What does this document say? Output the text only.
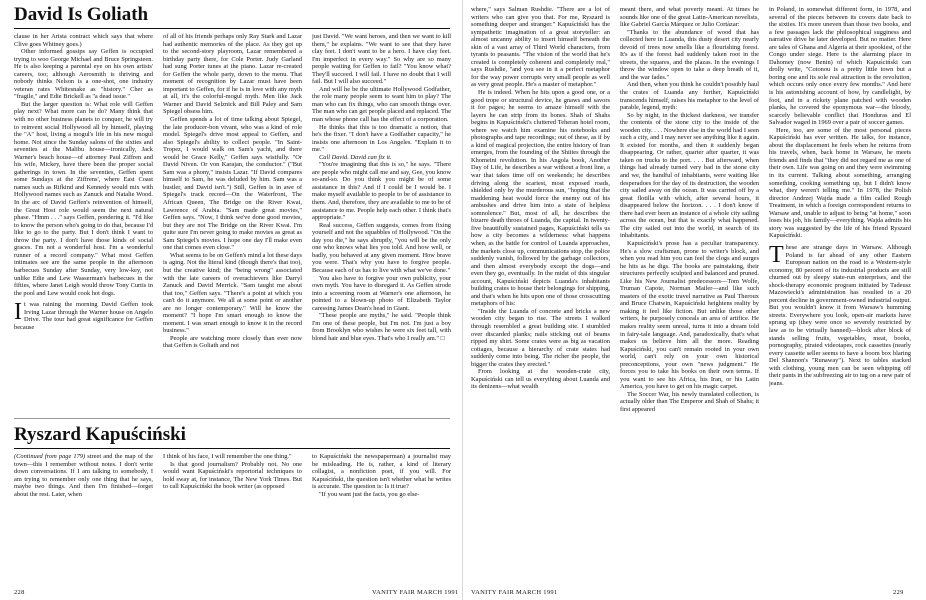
David Is Goliath

clause in her Arista contract which says that where Clive goes Whitney goes.)

Other informed gossips say Geffen is occupied trying to woo George Michael and Bruce Springsteen. He is also keeping a parental eye on his own artists' careers, too; although Aerosmith is thriving and nobody thinks Nelson is a one-shot, one industry veteran rates Whitesnake as "history." Cher as "fragile," and Edie Brickell as "a dead issue."

But the larger question is: What role will Geffen play next? What more can he do? Many think that with no other business planets to conquer, he will try to reinvent social Hollywood all by himself, playing the "A" host, living a mogul's life in his new mogul home. Not since the Sunday salons of the sixties and seventies at the Malibu house—ironically, Jack Warner's beach house—of attorney Paul Ziffren and his wife, Mickey, have there been the proper social gatherings in town. In the seventies, Geffen spent some Sundays at the Ziffrens', where East Coast names such as Rifkind and Kennedy would mix with Hollywood names such as Zanuck and Natalie Wood. In the arc of David Geffen's reinvention of himself, the Great Host role would seem the next natural phase. "Hmm . . ." says Geffen, pondering it. "I'd like to know the person who's going to do that, because I'd like to go to the party. But I don't think I want to throw the party. I don't have those kinds of social graces. I'm not a wonderful host. I'm a wonderful runner of a record company." What most Geffen intimates see are the same people in the afternoon barbecues Sunday after Sunday, very low-key, not unlike Edie and Lew Wasserman's barbecues in the fifties, where Janet Leigh would throw Tony Curtis in the pool and Lew would cook hot dogs.

It was raining the morning David Geffen took Irving Lazar through the Warner house on Angelo Drive. The tour had great significance for Geffen because

of all of his friends perhaps only Ray Stark and Lazar had authentic memories of the place. As they got up to the second-story playroom, Lazar remembered a birthday party there, for Cole Porter. Judy Garland had sung Porter tunes at the piano. Lazar re-created for Geffen the whole party, down to the menu. That moment of recognition by Lazar must have been important to Geffen, for if he is in love with any myth at all, it's the colorful-mogul myth. Men like Jack Warner and David Selznick and Bill Paley and Sam Spiegel obsess him.

Geffen spends a lot of time talking about Spiegel, the late producer-bon vivant, who was a kind of role model. Spiegel's drive most appeal to Geffen, and also Spiegel's ability to collect people. "In Saint-Tropez, I would walk on Sam's yacht, and there would be Grace Kelly," Geffen says wistfully. "Or David Niven. Or von Karajan, the conductor." ("But Sam was a phony," insists Lazar. "If David compares himself to Sam, he was deluded by him. Sam was a hustler, and David isn't.") Still, Geffen is in awe of Spiegel's track record—On the Waterfront, The African Queen, The Bridge on the River Kwai, Lawrence of Arabia. "Sam made great movies," Geffen says. "Now, I think we've done good movies, but they are not The Bridge on the River Kwai. I'm quite sure I'm never going to make movies as great as Sam Spiegel's movies. I hope one day I'll make even one that comes even close."

What seems to be on Geffen's mind a lot these days is aging. Not the literal kind (though there's that too), but the creative kind; the "being wrong" associated with the late careers of overachievers like Darryl Zanuck and David Merrick. "Sam taught me about that too," Geffen says. "There's a point at which you can't do it anymore. We all at some point or another are no longer contemporary." Will he know the moment? "I hope I'm smart enough to know the moment. I was smart enough to know it in the record business."

People are watching more closely than ever now that Geffen is Goliath and not

just David. "We want heroes, and then we want to kill them," he explains. "We want to see that they have clay feet. I don't want to be a hero. I have clay feet. I'm imperfect in every way." So why are so many people waiting for Geffen to fail? "You know what? They'll succeed. I will fail. I have no doubt that I will fail. But I will also succeed."

And will he be the ultimate Hollywood Godfather, the role many people seem to want him to play? The man who can fix things, who can smooth things over. The man who can get people placed and replaced. The man whose phone call has the effect of a corporation.

He thinks that this is too dramatic a notion, that he's the fixer. "I don't have a Godfather capacity," he insists one afternoon in Los Angeles. "Explain it to me."

Call David. David can fix it.

"You're imagining that this is so," he says. "There are people who might call me and say, Gee, you know so-and-so. Do you think you might be of some assistance in this? And if I could be I would be. I make myself available to people to be of assistance to them. And, therefore, they are available to me to be of assistance to me. People help each other. I think that's appropriate."

Real success, Geffen suggests, comes from fixing yourself and not the squabbles of Hollywood. "On the day you die," he says abruptly, "you will be the only one who knows what lies you told. And how well, or badly, you behaved at any given moment. How brave you were. That's why you have to forgive people. Because each of us has to live with what we've done."

You also have to forgive your own publicity, your own myth. You have to disregard it. As Geffen strode into a screening room at Warner's one afternoon, he pointed to a blown-up photo of Elizabeth Taylor caressing James Dean's head in Giant.

"These people are myths," he said. "People think I'm one of these people, but I'm not. I'm just a boy from Brooklyn who wishes he were six feet tall, with blond hair and blue eyes. That's who I really am." □

Ryszard Kapuściński

(Continued from page 179) street and the map of the town—this I remember without notes. I don't write down conversations. If I am talking to somebody, I am trying to remember only one thing that he says, maybe two things. And then I'm finished—forget about the rest. Later, when

I think of his face, I will remember the one thing."

Is that good journalism? Probably not. No one would want Kapuściński's reportorial techniques to hold sway at, for instance, The New York Times. But to call Kapuściński the book writer (as opposed

to Kapuściński the newspaperman) a journalist may be misleading. He is, rather, a kind of literary collagist, a nonfiction poet, if you will. For Kapuściński, the question isn't whether what he writes is accurate. The question is: Is it true?

"If you want just the facts, you go else-

228	VANITY FAIR MARCH 1991

where," says Salman Rushdie. "There are a lot of writers who can give you that. For me, Ryszard is something deeper and stranger." Kapuściński has the sympathetic imagination of a great storyteller: an almost uncanny ability to insert himself beneath the skin of a vast array of Third World characters, from tyrants to peasants. "The vision of the world that he's created is completely coherent and completely real," says Rushdie, "and you see in it a perfect metaphor for the way power corrupts very small people as well as very great people. He's a master of metaphor."

He is indeed. When he hits upon a good one, or a good trope or structural device, he gnaws and savors it for pages; he seems to amaze himself with the layers he can strip from its bones. Shah of Shahs begins in Kapuściński's cluttered Teheran hotel room, where we watch him examine his notebooks and photographs and tape recordings; out of these, as if by a kind of magical projection, the entire history of Iran emerges, from the founding of the Shiites through the Khomeini revolution. In his Angola book, Another Day of Life, he describes a war without a front line, a war that takes time off on weekends; he describes driving along the scariest, most exposed roads, shielded only by the murderous sun, "hoping that the maddening heat would force the enemy out of his ambushes and drive him into a state of helpless somnolence." But, most of all, he describes the bizarre death throes of Luanda, the capital. In twenty-five beautifully sustained pages, Kapuściński tells us how a city becomes a wilderness: what happens when, as the battle for control of Luanda approaches, the markets close up, communications stop, the police suddenly vanish, followed by the garbage collectors, and then almost everybody except the dogs—and even they go, eventually. In the midst of this singular account, Kapuściński depicts Luanda's inhabitants building crates to house their belongings for shipping, and that's when he hits upon one of those crosscutting metaphors of his:

"Inside the Luanda of concrete and bricks a new wooden city began to rise. The streets I walked through resembled a great building site. I stumbled over discarded planks; nails sticking out of beams ripped my shirt. Some crates were as big as vacation cottages, because a hierarchy of crate states had suddenly come into being. The richer the people, the bigger the crates they erected."

From looking at the wooden-crate city, Kapuściński can tell us everything about Luanda and its denizens—what wealth

meant there, and what poverty meant. At times he sounds like one of the great Latin-American novelists, like Gabriel García Márquez or Julio Cortázar:

"Thanks to the abundance of wood that has collected here in Luanda, this dusty desert city nearly devoid of trees now smells like a flourishing forest. It's as if the forest had suddenly taken root in the streets, the squares, and the plazas. In the evenings I throw the window open to take a deep breath of it, and the war fades."

And then, when you think he couldn't possibly haul the crates of Luanda any further, Kapuściński transcends himself, raises his metaphor to the level of parable, legend, myth:

So by night, in the thickest darkness, we transfer the contents of the stone city to the inside of the wooden city. . . . Nowhere else in the world had I seen such a city, and I may never see anything like it again. It existed for months, and then it suddenly began disappearing. Or rather, quarter after quarter, it was taken on trucks to the port. . . . But afterward, when things had already turned very bad in the stone city and we, the handful of inhabitants, were waiting like desperadoes for the day of its destruction, the wooden city sailed away on the ocean. It was carried off by a great flotilla with which, after several hours, it disappeared below the horizon. . . . I don't know if there had ever been an instance of a whole city sailing across the ocean, but that is exactly what happened. The city sailed out into the world, in search of its inhabitants.

Kapuściński's prose has a peculiar transparency. He's a slow craftsman, prone to writer's block, and when you read him you can feel the clogs and surges he hits as he digs. The books are painstaking, their structures perfectly sculpted and balanced and pruned. Like his New Journalist predecessors—Tom Wolfe, Truman Capote, Norman Mailer—and like such masters of the exotic travel narrative as Paul Theroux and Bruce Chatwin, Kapuściński heightens reality by making it feel like fiction. But unlike those other writers, he purposely conceals an area of artifice. He makes reality seem unreal, turns it into a dream told in fairy-tale language. And, paradoxically, that's what makes us believe him all the more. Reading Kapuściński, you can't remain rooted in your own world, can't rely on your own historical preconceptions, your own "news judgment." He forces you to take his books on their own terms. If you want to see his Africa, his Iran, or his Latin America, you have to get on his magic carpet.

The Soccer War, his newly translated collection, is actually older than The Emperor and Shah of Shahs; it first appeared

in Poland, in somewhat different form, in 1978, and several of the pieces between its covers date back to the sixties. It's more uneven than those two books, and a few passages lack the philosophical sugginess and narrative drive he later developed. But no matter. Here are tales of Ghana and Algeria at their spookiest, of the Congo under siege. Here is the alarming place in Dahomey (now Benin) of which Kapuściński can drolly write, "Cotonou is a pretty little town but a boring one and its sole real attraction is the revolution, which occurs only once every few months." And here is his astonishing account of how, by candlelight, by foot, and in a rickety plane patched with wooden planks, he covered the eponymous war—the bloody, scarcely believable conflict that Honduras and El Salvador waged in 1969 over a pair of soccer games.

Here, too, are some of the most personal pieces Kapuściński has ever written. He talks, for instance, about the displacement he feels when he returns from his travels, when, back home in Warsaw, he meets friends and finds that "they did not regard me as one of their own. Life was going on and they were swimming in its current. Talking about something, arranging something, cooking something up, but I didn't know what, they weren't telling me." In 1978, the Polish director Andrzej Wajda made a film called Rough Treatment, in which a foreign correspondent returns to Warsaw and, unable to adjust to being "at home," soon loses his job, his family—everything. Wajda admits his story was suggested by the life of his friend Ryszard Kapuściński.

These are strange days in Warsaw. Although Poland is far ahead of any other Eastern European nation on the road to a Western-style economy, 80 percent of its industrial products are still churned out by sleepy state-run enterprises, and the shock-therapy economic program initiated by Tadeusz Mazowiecki's administration has resulted in a 20 percent decline in government-owned industrial output. But you wouldn't know it from Warsaw's humming streets. Everywhere you look, open-air markets have sprung up (they were once so severely restricted by law as to be virtually banned)—block after block of stands selling fruits, vegetables, meat, books, pornography, pirated videotapes, rock cassettes (nearly every cassette seller seems to have a boom box blaring Del Shannon's "Runaway"). Next to tables stacked with clothing, young men can be seen whipping off their pants in the subfreezing air to tug on a new pair of jeans.

VANITY FAIR MARCH 1991	229
